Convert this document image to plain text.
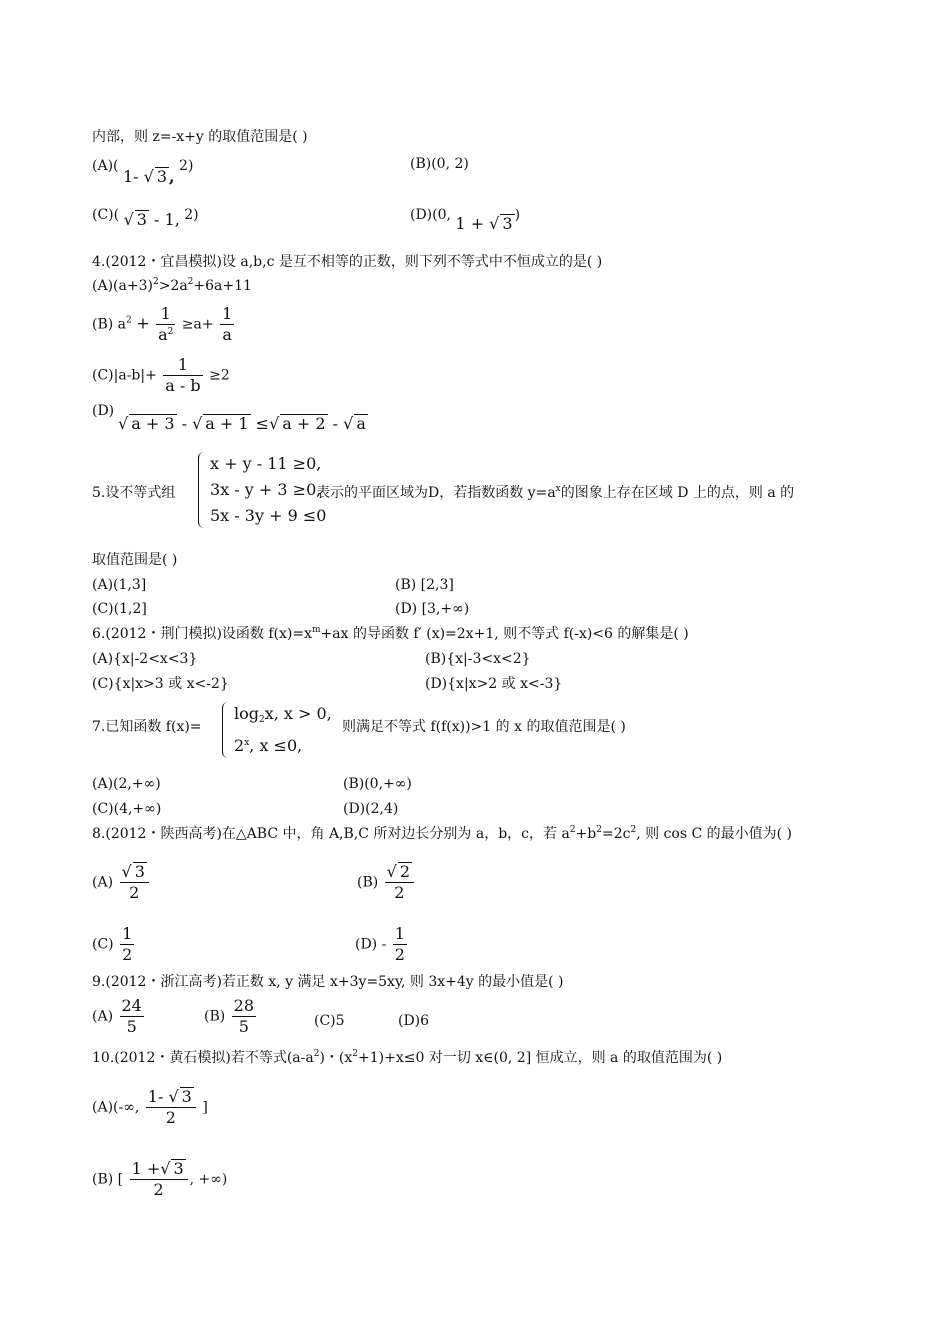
内部，则 z=-x+y 的取值范围是( )
(A)( 1- √ 3 , 2)	(B)(0, 2)
(C)( √ 3 - 1, 2)	(D)(0, 1 + √ 3 )
4.(2012・宜昌模拟)设 a,b,c 是互不相等的正数，则下列不等式中不恒成立的是( )
$(A)(a+3)^2>2a^2+6a+11$
(B) $a^2 + \frac{1}{a^2} \ge a+ \frac{1}{a}$
$(C)|a-b|+ \frac{1}{a - b} \ge 2$
(D)
√ a + 3 - √ a + 1 ≤√ a + 2 - √ a
5.设不等式组
x + y - 11 ≥0,
3x - y + 3 ≥0,
5x - 3y + 9 ≤0
表示的平面区域为D，若指数函数 $y=a^x$的图象上存在区域 D 上的点，则 a 的
取值范围是( )
(A)(1,3]	(B) [2,3]
(C)(1,2]	(D) [3,+∞)
6.(2012・荆门模拟)设函数 $f(x)=x^m+ax$ 的导函数 f′ (x)=2x+1, 则不等式 f(-x)<6 的解集是( )
(A){x|-2<x<3}	(B){x|-3<x<2}
(C){x|x>3 或 x<-2}	(D){x|x>2 或 x<-3}
7.已知函数 f(x)=
$\log_2x$, x > 0,
2$^x$, x ≤0,
则满足不等式 f(f(x))>1 的 x 的取值范围是( )
(A)(2,+∞)	(B)(0,+∞)
(C)(4,+∞)	(D)(2,4)
8.(2012・陕西高考)在△ABC 中，角 A,B,C 所对边长分别为 a，b，c，若 $a^2+b^2=2c^2$, 则 cos C 的最小值为( )
$(A) \frac{√ 3}{2}$	$(B) \frac{√ 2}{2}$
$(C) \frac{1}{2}$	$(D) - \frac{1}{2}$
9.(2012・浙江高考)若正数 x, y 满足 x+3y=5xy, 则 3x+4y 的最小值是( )
$(A) \frac{24}{5}$	$(B) \frac{28}{5}$	(C)5	(D)6
10.(2012・黄石模拟)若不等式$(a-a^2)$・$(x^2+1)+x\le 0$ 对一切 x∈(0, 2] 恒成立，则 a 的取值范围为( )
(A)(-∞, $\frac{1- √ 3}{2}$ ]
(B) [ $\frac{1 +√ 3}{2}$ , +∞)
